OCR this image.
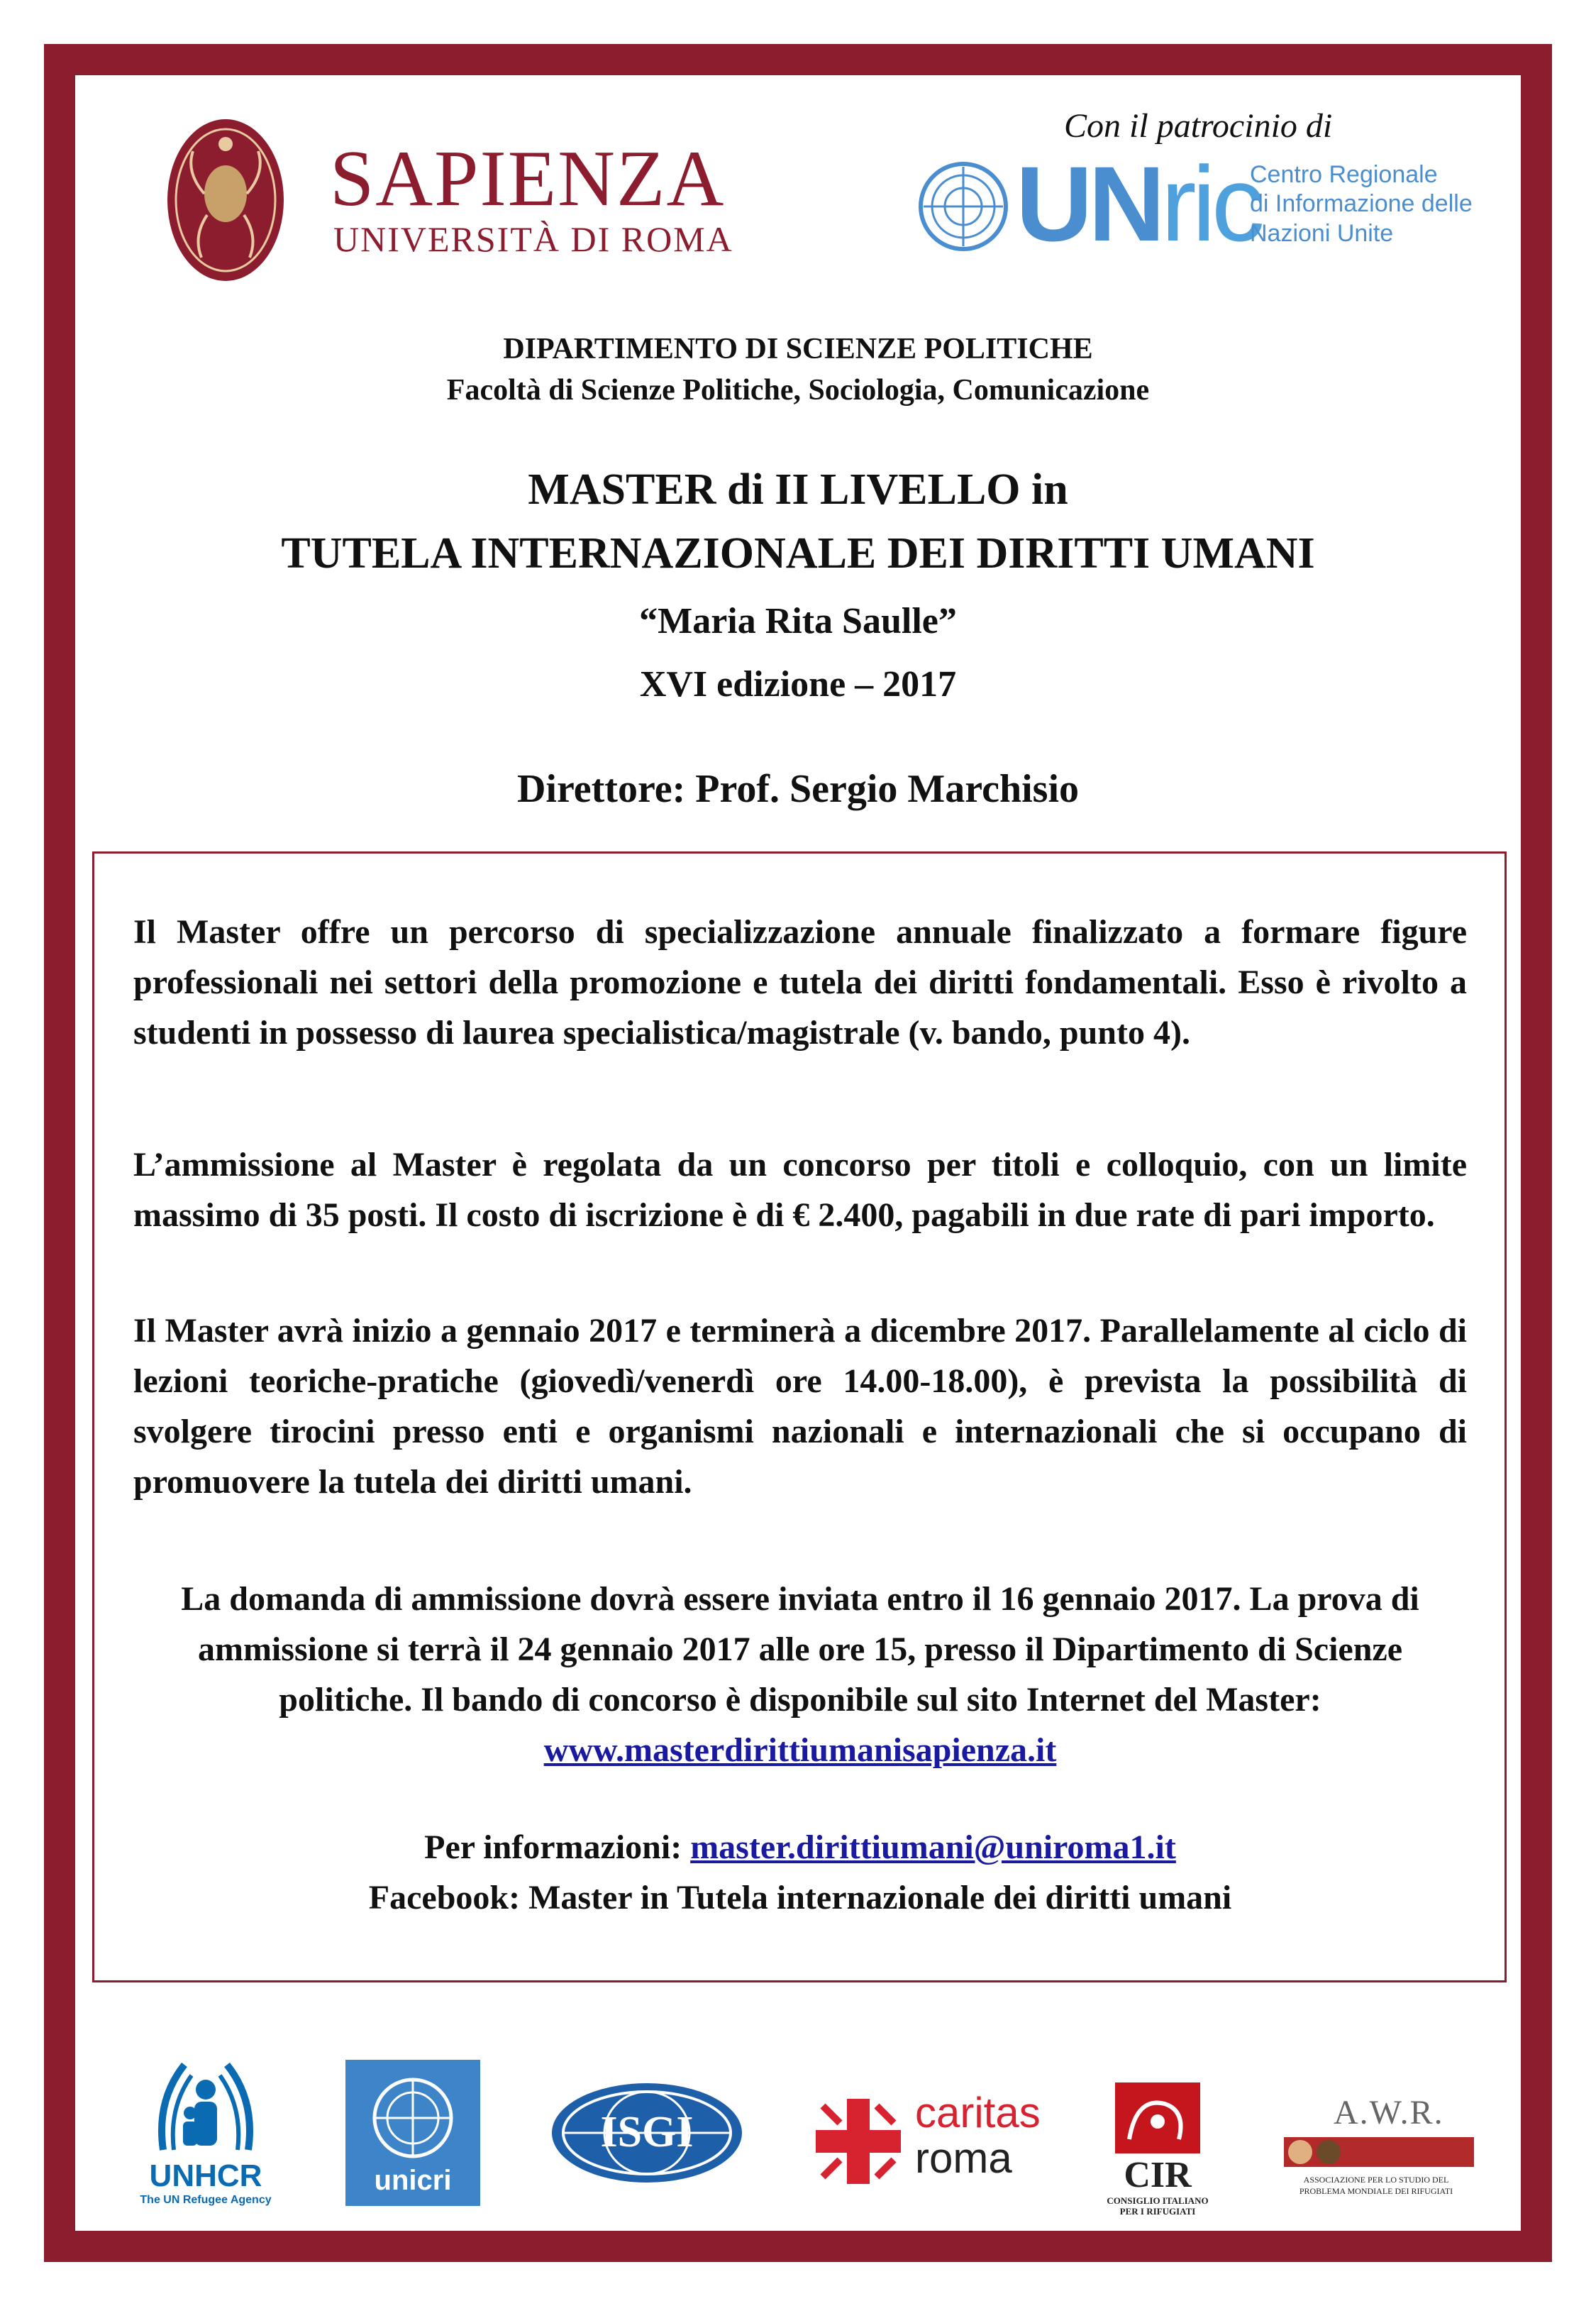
SAPIENZA
UNIVERSITÀ DI ROMA
Con il patrocinio di
UNric
Centro Regionale
di Informazione delle
Nazioni Unite
DIPARTIMENTO DI SCIENZE POLITICHE
Facoltà di Scienze Politiche, Sociologia, Comunicazione
MASTER di II LIVELLO in
TUTELA INTERNAZIONALE DEI DIRITTI UMANI
“Maria Rita Saulle”
XVI edizione – 2017
Direttore: Prof. Sergio Marchisio
Il Master offre un percorso di specializzazione annuale finalizzato a formare figure professionali nei settori della promozione e tutela dei diritti fondamentali. Esso è rivolto a studenti in possesso di laurea specialistica/magistrale (v. bando, punto 4).
L’ammissione al Master è regolata da un concorso per titoli e colloquio, con un limite massimo di 35 posti. Il costo di iscrizione è di € 2.400, pagabili in due rate di pari importo.
Il Master avrà inizio a gennaio 2017 e terminerà a dicembre 2017. Parallelamente al ciclo di lezioni teoriche-pratiche (giovedì/venerdì ore 14.00-18.00), è prevista la possibilità di svolgere tirocini presso enti e organismi nazionali e internazionali che si occupano di promuovere la tutela dei diritti umani.
La domanda di ammissione dovrà essere inviata entro il 16 gennaio 2017. La prova di ammissione si terrà il 24 gennaio 2017 alle ore 15, presso il Dipartimento di Scienze politiche. Il bando di concorso è disponibile sul sito Internet del Master: www.masterdirittiumanisapienza.it
Per informazioni: master.dirittiumani@uniroma1.it
Facebook: Master in Tutela internazionale dei diritti umani
UNHCR
The UN Refugee Agency
unicri
ISGI	caritas
roma	CIR
CONSIGLIO ITALIANO
PER I RIFUGIATI
A.W.R.
ASSOCIAZIONE PER LO STUDIO DEL
PROBLEMA MONDIALE DEI RIFUGIATI
